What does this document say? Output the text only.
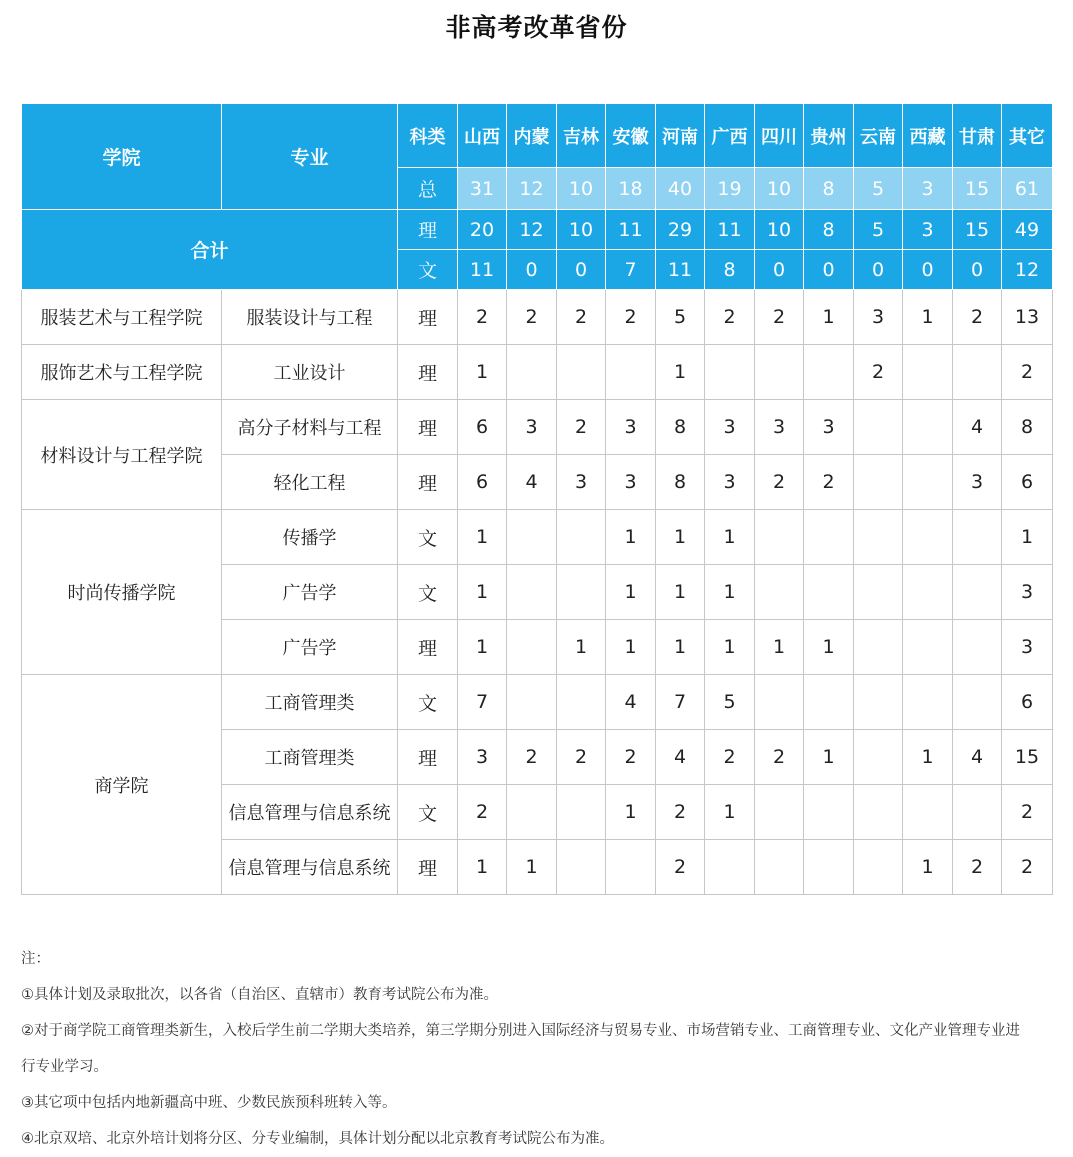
非高考改革省份
学院	专业	科类	山西	内蒙	吉林	安徽	河南	广西	四川	贵州	云南	西藏	甘肃	其它
		总	31	12	10	18	40	19	10	8	5	3	15	61
合计		理	20	12	10	11	29	11	10	8	5	3	15	49
		文	11	0	0	7	11	8	0	0	0	0	0	12
服装艺术与工程学院	服装设计与工程	理	2	2	2	2	5	2	2	1	3	1	2	13
服饰艺术与工程学院	工业设计	理	1				1				2			2
材料设计与工程学院	高分子材料与工程	理	6	3	2	3	8	3	3	3			4	8
	轻化工程	理	6	4	3	3	8	3	2	2			3	6
时尚传播学院	传播学	文	1			1	1	1						1
	广告学	文	1			1	1	1						3
	广告学	理	1		1	1	1	1	1	1				3
商学院	工商管理类	文	7			4	7	5						6
	工商管理类	理	3	2	2	2	4	2	2	1		1	4	15
	信息管理与信息系统	文	2			1	2	1						2
	信息管理与信息系统	理	1	1			2					1	2	2

注：

①具体计划及录取批次，以各省（自治区、直辖市）教育考试院公布为准。

②对于商学院工商管理类新生，入校后学生前二学期大类培养，第三学期分别进入国际经济与贸易专业、市场营销专业、工商管理专业、文化产业管理专业进

行专业学习。

③其它项中包括内地新疆高中班、少数民族预科班转入等。

④北京双培、北京外培计划将分区、分专业编制，具体计划分配以北京教育考试院公布为准。
